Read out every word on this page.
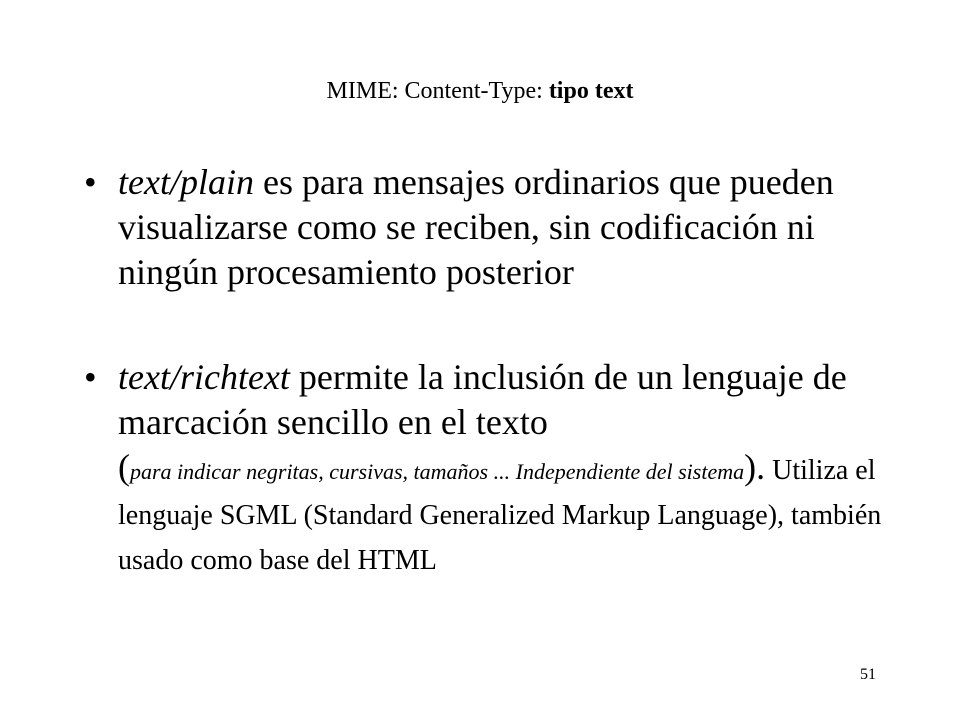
MIME: Content-Type: tipo text
• text/plain es para mensajes ordinarios que pueden visualizarse como se reciben, sin codificación ni ningún procesamiento posterior
• text/richtext permite la inclusión de un lenguaje de marcación sencillo en el texto
(para indicar negritas, cursivas, tamaños ... Independiente del sistema). Utiliza el lenguaje SGML (Standard Generalized Markup Language), también usado como base del HTML
51
